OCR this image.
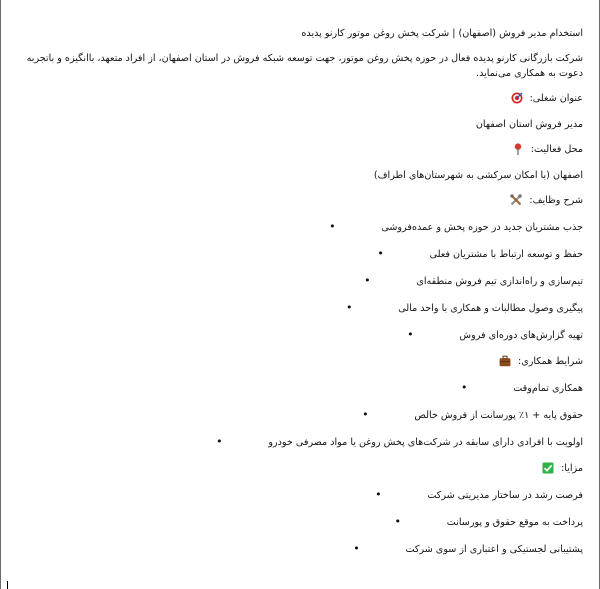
استخدام مدیر فروش (اصفهان) | شرکت پخش روغن موتور کارنو پدیده

شرکت بازرگانی کارنو پدیده فعال در حوزه پخش روغن موتور، جهت توسعه شبکه فروش در استان اصفهان، از افراد متعهد، باانگیزه و باتجربه دعوت به همکاری می‌نماید.

عنوان شغلی:

مدیر فروش استان اصفهان

محل فعالیت:

اصفهان (با امکان سرکشی به شهرستان‌های اطراف)

شرح وظایف:

جذب مشتریان جدید در حوزه پخش و عمده‌فروشی               •

حفظ و توسعه ارتباط با مشتریان فعلی               •

تیم‌سازی و راه‌اندازی تیم فروش منطقه‌ای               •

پیگیری وصول مطالبات و همکاری با واحد مالی               •

تهیه گزارش‌های دوره‌ای فروش               •

شرایط همکاری:

همکاری تمام‌وقت               •

حقوق پایه + ۱٪ پورسانت از فروش خالص               •

اولویت با افرادی دارای سابقه در شرکت‌های پخش روغن یا مواد مصرفی خودرو               •

مزایا:

فرصت رشد در ساختار مدیریتی شرکت               •

پرداخت به موقع حقوق و پورسانت               •

پشتیبانی لجستیکی و اعتباری از سوی شرکت               •
